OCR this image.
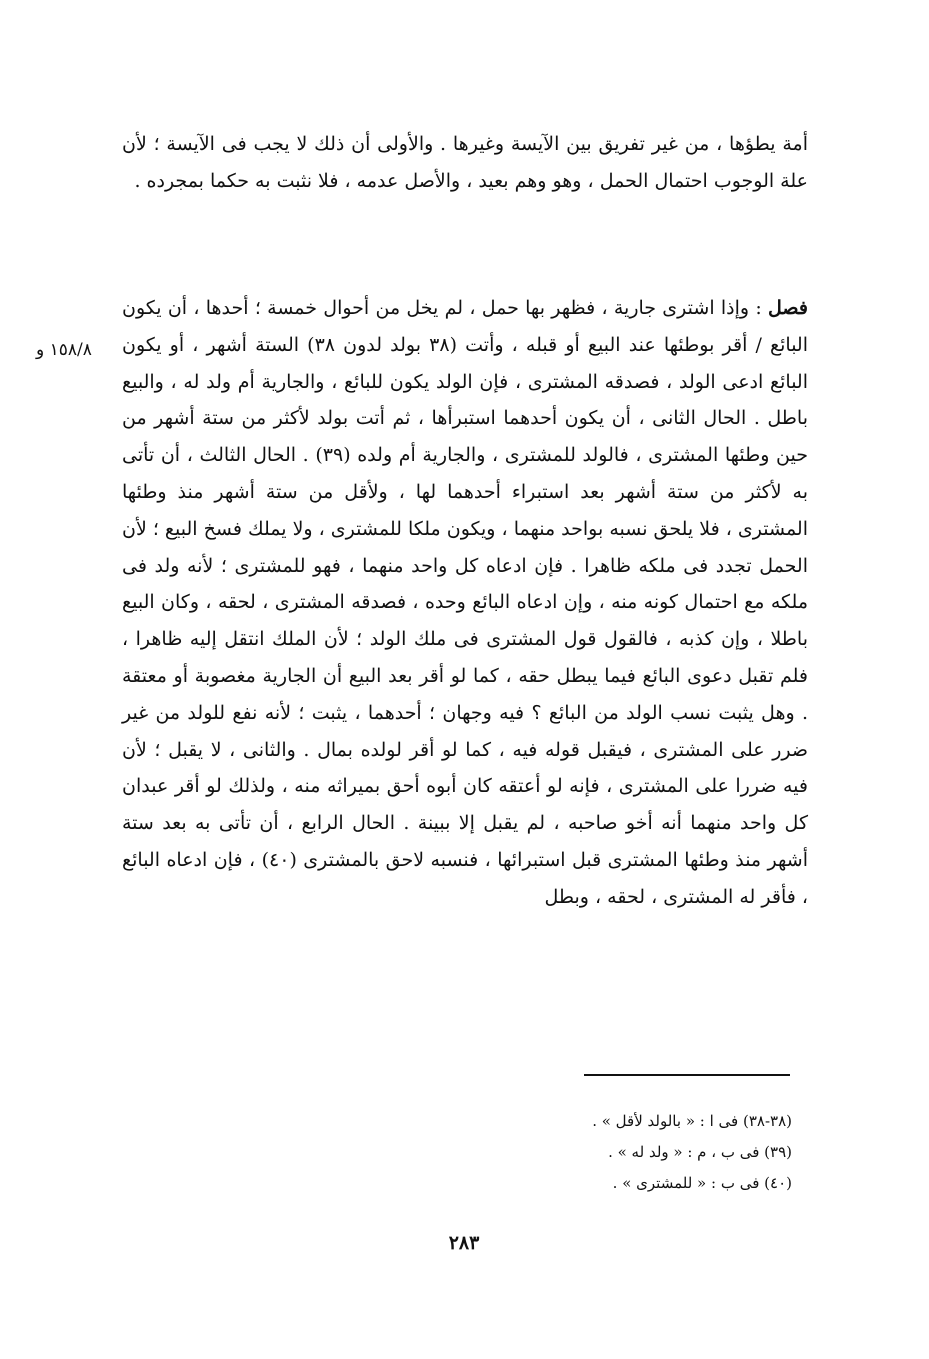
أمة يطؤها ، من غير تفريق بين الآيسة وغيرها . والأولى أن ذلك لا يجب فى الآيسة ؛ لأن علة الوجوب احتمال الحمل ، وهو وهم بعيد ، والأصل عدمه ، فلا نثبت به حكما بمجرده .

فصل : وإذا اشترى جارية ، فظهر بها حمل ، لم يخل من أحوال خمسة ؛ أحدها ، أن يكون البائع / أقر بوطئها عند البيع أو قبله ، وأتت (٣٨ بولد لدون ٣٨) الستة أشهر ، أو يكون البائع ادعى الولد ، فصدقه المشترى ، فإن الولد يكون للبائع ، والجارية أم ولد له ، والبيع باطل . الحال الثانى ، أن يكون أحدهما استبرأها ، ثم أتت بولد لأكثر من ستة أشهر من حين وطئها المشترى ، فالولد للمشترى ، والجارية أم ولده (٣٩) . الحال الثالث ، أن تأتى به لأكثر من ستة أشهر بعد استبراء أحدهما لها ، ولأقل من ستة أشهر منذ وطئها المشترى ، فلا يلحق نسبه بواحد منهما ، ويكون ملكا للمشترى ، ولا يملك فسخ البيع ؛ لأن الحمل تجدد فى ملكه ظاهرا . فإن ادعاه كل واحد منهما ، فهو للمشترى ؛ لأنه ولد فى ملكه مع احتمال كونه منه ، وإن ادعاه البائع وحده ، فصدقه المشترى ، لحقه ، وكان البيع باطلا ، وإن كذبه ، فالقول قول المشترى فى ملك الولد ؛ لأن الملك انتقل إليه ظاهرا ، فلم تقبل دعوى البائع فيما يبطل حقه ، كما لو أقر بعد البيع أن الجارية مغصوبة أو معتقة . وهل يثبت نسب الولد من البائع ؟ فيه وجهان ؛ أحدهما ، يثبت ؛ لأنه نفع للولد من غير ضرر على المشترى ، فيقبل قوله فيه ، كما لو أقر لولده بمال . والثانى ، لا يقبل ؛ لأن فيه ضررا على المشترى ، فإنه لو أعتقه كان أبوه أحق بميراثه منه ، ولذلك لو أقر عبدان كل واحد منهما أنه أخو صاحبه ، لم يقبل إلا ببينة . الحال الرابع ، أن تأتى به بعد ستة أشهر منذ وطئها المشترى قبل استبرائها ، فنسبه لاحق بالمشترى (٤٠) ، فإن ادعاه البائع ، فأقر له المشترى ، لحقه ، وبطل

١٥٨/٨ و
(٣٨-٣٨) فى ا : « بالولد لأقل » .
(٣٩) فى ب ، م : « ولد له » .
(٤٠) فى ب : « للمشترى » .
٢٨٣
